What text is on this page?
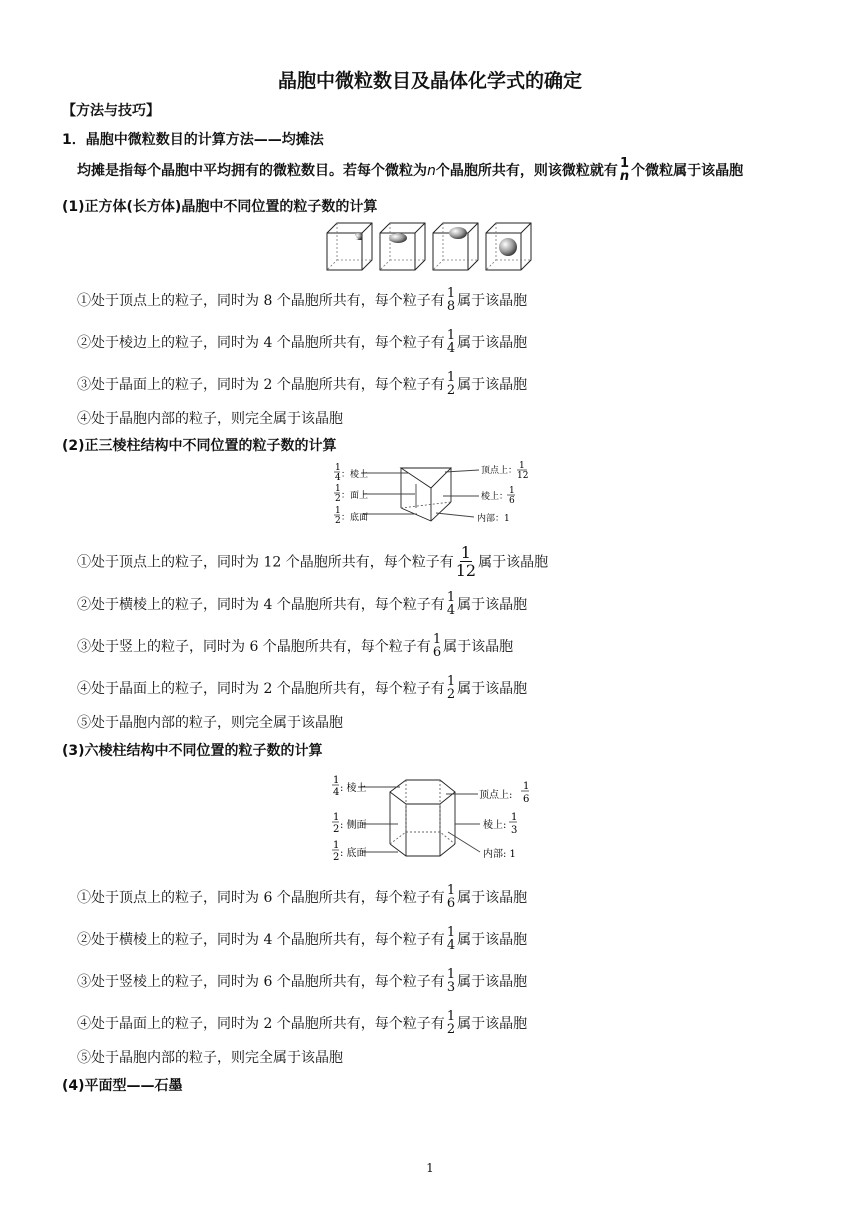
晶胞中微粒数目及晶体化学式的确定
【方法与技巧】
1．晶胞中微粒数目的计算方法——均摊法
均摊是指每个晶胞中平均拥有的微粒数目。若每个微粒为n个晶胞所共有，则该微粒就有 1
n 个微粒属于该晶胞
(1)正方体(长方体)晶胞中不同位置的粒子数的计算
①处于顶点上的粒子，同时为 8 个晶胞所共有，每个粒子有 1
8 属于该晶胞
②处于棱边上的粒子，同时为 4 个晶胞所共有，每个粒子有 1
4 属于该晶胞
③处于晶面上的粒子，同时为 2 个晶胞所共有，每个粒子有 1
2 属于该晶胞
④处于晶胞内部的粒子，则完全属于该晶胞
(2)正三棱柱结构中不同位置的粒子数的计算
1
4 ：棱上
1
2 ：面上
1
2 ：底面
顶点上： 1
12
棱上：
1
6
内部：1
①处于顶点上的粒子，同时为 12 个晶胞所共有，每个粒子有 $\frac{1}{12}$ 属于该晶胞
②处于横棱上的粒子，同时为 4 个晶胞所共有，每个粒子有 1
4 属于该晶胞
③处于竖上的粒子，同时为 6 个晶胞所共有，每个粒子有 1
6 属于该晶胞
④处于晶面上的粒子，同时为 2 个晶胞所共有，每个粒子有 1
2 属于该晶胞
⑤处于晶胞内部的粒子，则完全属于该晶胞
(3)六棱柱结构中不同位置的粒子数的计算
1
4 : 棱上
1
2 : 侧面
1
2 : 底面
顶点上:
1
6
棱上:
1
3
内部: 1
①处于顶点上的粒子，同时为 6 个晶胞所共有，每个粒子有 1
6 属于该晶胞
②处于横棱上的粒子，同时为 4 个晶胞所共有，每个粒子有 1
4 属于该晶胞
③处于竖棱上的粒子，同时为 6 个晶胞所共有，每个粒子有 1
3 属于该晶胞
④处于晶面上的粒子，同时为 2 个晶胞所共有，每个粒子有 1
2 属于该晶胞
⑤处于晶胞内部的粒子，则完全属于该晶胞
(4)平面型——石墨
1
